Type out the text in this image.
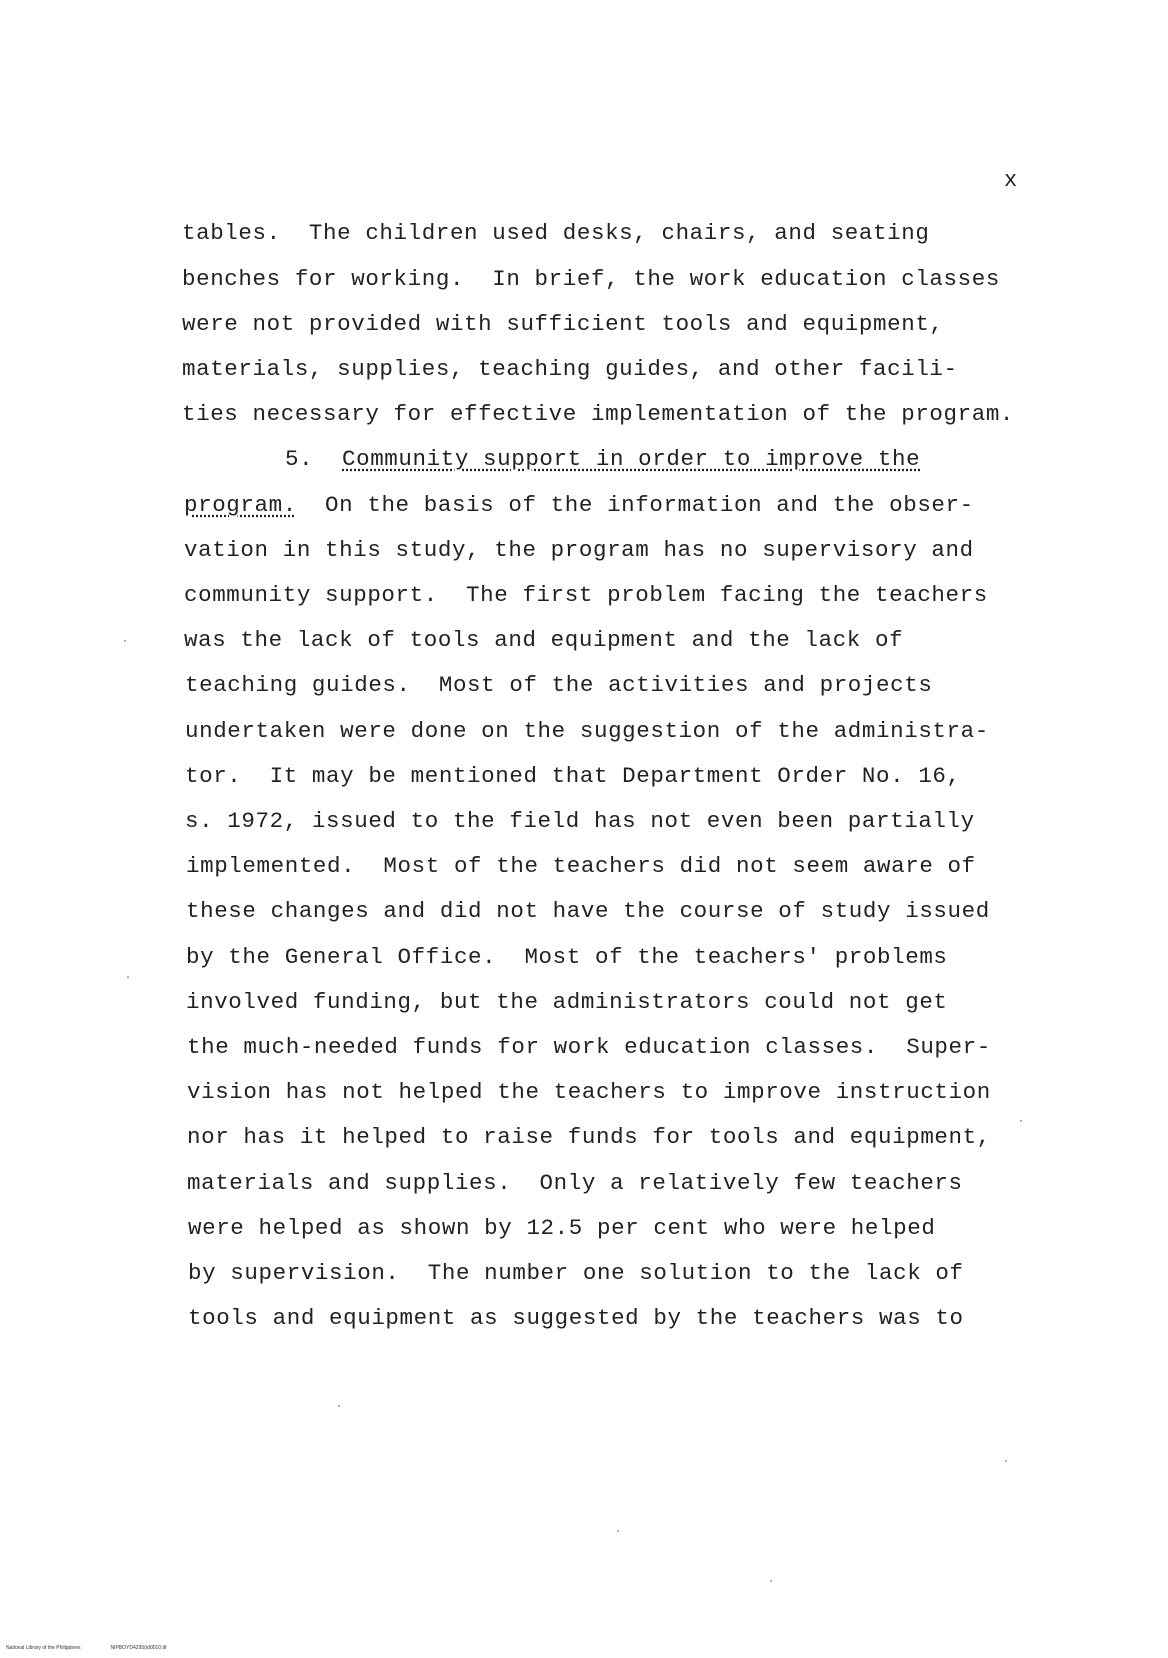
x
tables.  The children used desks, chairs, and seating
benches for working.  In brief, the work education classes
were not provided with sufficient tools and equipment,
materials, supplies, teaching guides, and other facili-
ties necessary for effective implementation of the program.
5. Community support in order to improve the
program.  On the basis of the information and the obser-
vation in this study, the program has no supervisory and
community support.  The first problem facing the teachers
was the lack of tools and equipment and the lack of
teaching guides.  Most of the activities and projects
undertaken were done on the suggestion of the administra-
tor.  It may be mentioned that Department Order No. 16,
s. 1972, issued to the field has not even been partially
implemented.  Most of the teachers did not seem aware of
these changes and did not have the course of study issued
by the General Office.  Most of the teachers' problems
involved funding, but the administrators could not get
the much-needed funds for work education classes.  Super-
vision has not helped the teachers to improve instruction
nor has it helped to raise funds for tools and equipment,
materials and supplies.  Only a relatively few teachers
were helped as shown by 12.5 per cent who were helped
by supervision.  The number one solution to the lack of
tools and equipment as suggested by the teachers was to
National Library of the Philippines	NIPBOYD4295(td0010.tif
